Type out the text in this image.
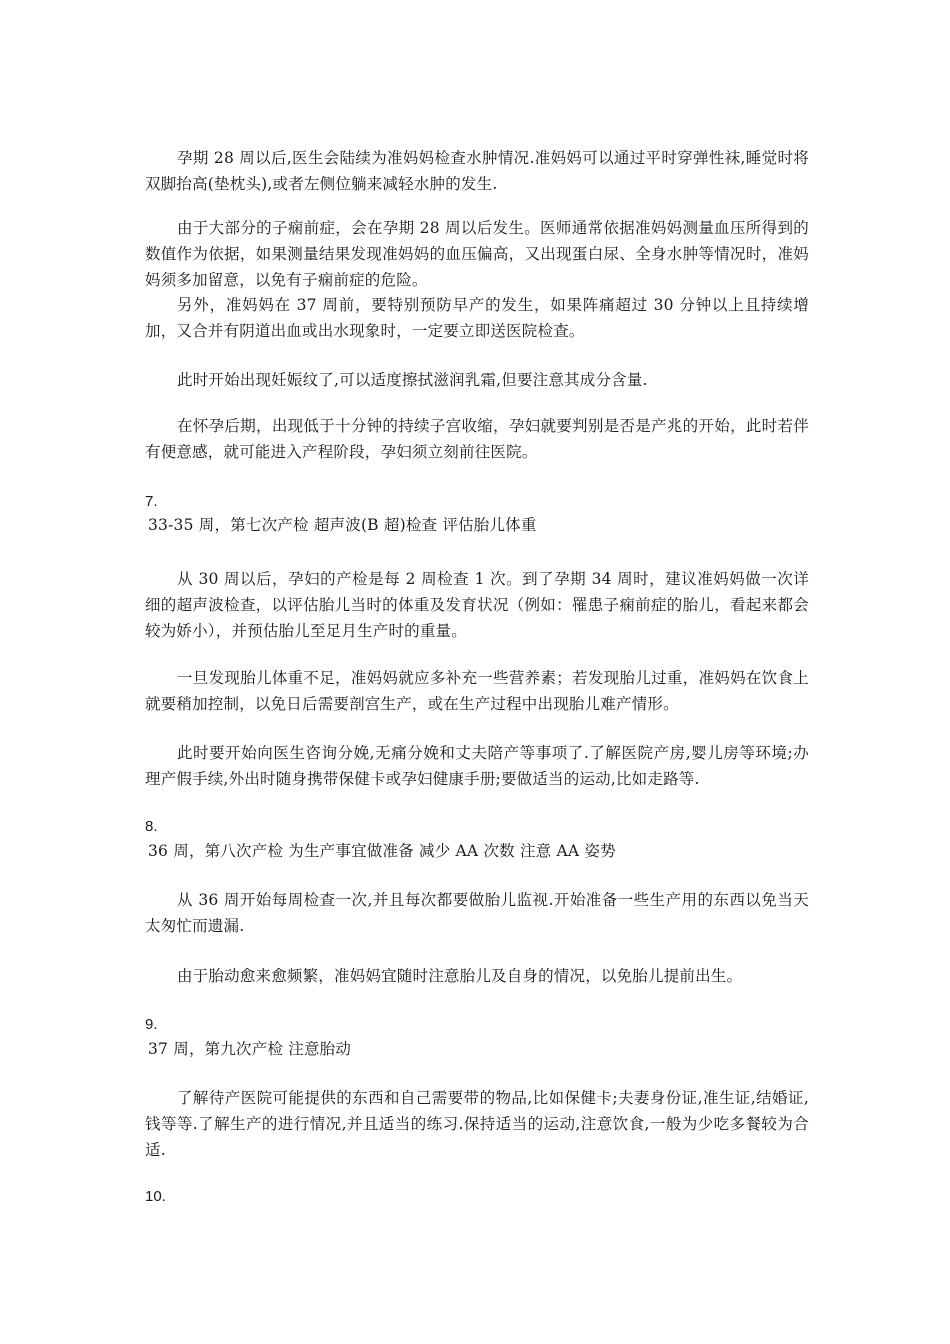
孕期 28 周以后,医生会陆续为准妈妈检查水肿情况.准妈妈可以通过平时穿弹性袜,睡觉时将双脚抬高(垫枕头),或者左侧位躺来减轻水肿的发生.

由于大部分的子痫前症，会在孕期 28 周以后发生。医师通常依据准妈妈测量血压所得到的数值作为依据，如果测量结果发现准妈妈的血压偏高，又出现蛋白尿、全身水肿等情况时，准妈妈须多加留意，以免有子痫前症的危险。

另外，准妈妈在 37 周前，要特别预防早产的发生，如果阵痛超过 30 分钟以上且持续增加，又合并有阴道出血或出水现象时，一定要立即送医院检查。

此时开始出现妊娠纹了,可以适度擦拭滋润乳霜,但要注意其成分含量.

在怀孕后期，出现低于十分钟的持续子宫收缩，孕妇就要判别是否是产兆的开始，此时若伴有便意感，就可能进入产程阶段，孕妇须立刻前往医院。

7.

33-35 周，第七次产检 超声波(B 超)检查 评估胎儿体重

从 30 周以后，孕妇的产检是每 2 周检查 1 次。到了孕期 34 周时，建议准妈妈做一次详细的超声波检查，以评估胎儿当时的体重及发育状况（例如：罹患子痫前症的胎儿，看起来都会较为娇小），并预估胎儿至足月生产时的重量。

一旦发现胎儿体重不足，准妈妈就应多补充一些营养素；若发现胎儿过重，准妈妈在饮食上就要稍加控制，以免日后需要剖宫生产，或在生产过程中出现胎儿难产情形。

此时要开始向医生咨询分娩,无痛分娩和丈夫陪产等事项了.了解医院产房,婴儿房等环境;办理产假手续,外出时随身携带保健卡或孕妇健康手册;要做适当的运动,比如走路等.

8.

36 周，第八次产检 为生产事宜做准备 减少 AA 次数 注意 AA 姿势

从 36 周开始每周检查一次,并且每次都要做胎儿监视.开始准备一些生产用的东西以免当天太匆忙而遗漏.

由于胎动愈来愈频繁，准妈妈宜随时注意胎儿及自身的情况，以免胎儿提前出生。

9.

37 周，第九次产检 注意胎动

了解待产医院可能提供的东西和自己需要带的物品,比如保健卡;夫妻身份证,准生证,结婚证,钱等等.了解生产的进行情况,并且适当的练习.保持适当的运动,注意饮食,一般为少吃多餐较为合适.

10.
